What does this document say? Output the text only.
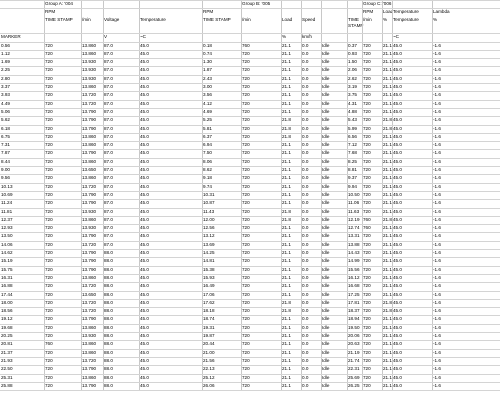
Group A: '004	Group B: '005	Group C: '006
RPM	RPM	RPM	Load Temperature	Lambda
TIME STAMP	/min	Voltage	Temperature	TIME STAMP	/min	Load	Speed	TIME STAMP
/min	%	Temperature	%
MARKER	V	~C	%	km/h	~C
0.56	720	13.860	87.0	45.0	0.18	760	21.1	0.0	Idle	0.37	720	21.1 45.0	-1.6
1.12	720	13.860	87.0	45.0	0.74	720	21.1	0.0	Idle	0.93	720	21.1 45.0	-1.6
1.69	720	13.930	87.0	45.0	1.30	720	21.1	0.0	Idle	1.50	720	21.1 45.0	-1.6
2.25	720	13.930	87.0	45.0	1.87	720	21.1	0.0	Idle	2.06	720	21.1 45.0	-1.6
2.80	720	13.930	87.0	45.0	2.43	720	21.1	0.0	Idle	2.62	720	21.1 45.0	-1.6
3.37	720	13.860	87.0	45.0	3.00	720	21.1	0.0	Idle	3.19	720	21.1 45.0	-1.6
3.93	720	13.720	87.0	45.0	3.56	720	21.1	0.0	Idle	3.75	720	21.1 45.0	-1.6
4.49	720	13.720	87.0	45.0	4.12	720	21.1	0.0	Idle	4.31	720	21.1 45.0	-1.6
5.06	720	13.790	87.0	45.0	4.69	720	21.1	0.0	Idle	4.88	720	21.1 45.0	-1.6
5.62	720	13.790	87.0	45.0	5.25	720	21.8	0.0	Idle	5.43	720	21.8 45.0	-1.6
6.18	720	13.790	87.0	45.0	5.81	720	21.8	0.0	Idle	5.99	720	21.8 45.0	-1.6
6.75	720	13.860	87.0	45.0	6.37	720	21.8	0.0	Idle	6.56	720	21.1 45.0	-1.6
7.31	720	13.860	87.0	45.0	6.94	720	21.1	0.0	Idle	7.12	720	21.1 45.0	-1.6
7.87	720	13.790	87.0	45.0	7.50	720	21.1	0.0	Idle	7.68	720	21.1 45.0	-1.6
8.44	720	13.860	87.0	45.0	8.06	720	21.1	0.0	Idle	8.25	720	21.1 45.0	-1.6
9.00	720	13.650	87.0	45.0	8.62	720	21.1	0.0	Idle	8.81	720	21.1 45.0	-1.6
9.56	720	13.860	87.0	45.0	9.18	720	21.1	0.0	Idle	9.37	720	21.1 45.0	-1.6
10.13	720	13.720	87.0	45.0	9.74	720	21.1	0.0	Idle	9.94	720	21.1 45.0	-1.6
10.69	720	13.790	87.0	45.0	10.31	720	21.1	0.0	Idle	10.50 720	21.1 45.0	-1.6
11.24	720	13.790	87.0	45.0	10.87	720	21.1	0.0	Idle	11.06 720	21.1 45.0	-1.6
11.81	720	13.930	87.0	45.0	11.43	720	21.8	0.0	Idle	11.63 720	21.1 45.0	-1.6
12.37	720	13.860	87.0	45.0	12.00	720	21.8	0.0	Idle	12.19 760	21.8 45.0	-1.6
12.93	720	13.930	87.0	45.0	12.56	720	21.1	0.0	Idle	12.74 760	21.1 45.0	-1.6
13.50	720	13.790	87.0	45.0	13.12	720	21.1	0.0	Idle	13.31 720	21.1 45.0	-1.6
14.06	720	13.720	87.0	45.0	13.69	720	21.1	0.0	Idle	13.88 720	21.1 45.0	-1.6
14.62	720	13.790	88.0	45.0	14.25	720	21.1	0.0	Idle	14.43 720	21.1 45.0	-1.6
15.19	720	13.790	88.0	45.0	14.81	720	21.1	0.0	Idle	14.99 720	21.1 45.0	-1.6
15.75	720	13.790	88.0	45.0	15.38	720	21.1	0.0	Idle	15.56 720	21.1 45.0	-1.6
16.31	720	13.860	88.0	45.0	15.93	720	21.1	0.0	Idle	16.12 720	21.1 45.0	-1.6
16.88	720	13.720	88.0	45.0	16.49	720	21.1	0.0	Idle	16.68 720	21.1 45.0	-1.6
17.44	720	13.650	88.0	45.0	17.06	720	21.1	0.0	Idle	17.25 720	21.1 45.0	-1.6
18.00	720	13.720	88.0	45.0	17.62	720	21.8	0.0	Idle	17.81 720	21.8 45.0	-1.6
18.56	720	13.720	88.0	45.0	18.18	720	21.8	0.0	Idle	18.37 720	21.8 45.0	-1.6
19.12	720	13.790	88.0	45.0	18.74	720	21.1	0.0	Idle	18.94 720	21.1 45.0	-1.6
19.68	720	13.860	88.0	45.0	19.31	720	21.1	0.0	Idle	19.50 720	21.1 45.0	-1.6
20.25	720	13.930	88.0	45.0	19.87	720	21.1	0.0	Idle	20.06 720	21.1 45.0	-1.6
20.81	760	13.860	88.0	45.0	20.44	720	21.1	0.0	Idle	20.63 720	21.1 45.0	-1.6
21.37	720	13.860	88.0	45.0	21.00	720	21.1	0.0	Idle	21.19 720	21.1 45.0	-1.6
21.93	720	13.720	88.0	45.0	21.56	720	21.1	0.0	Idle	21.74 720	21.1 45.0	-1.6
22.50	720	13.790	88.0	45.0	22.13	720	21.1	0.0	Idle	22.31 720	21.1 45.0	-1.6
25.31	720	13.860	88.0	45.0	25.12	720	21.1	0.0	Idle	25.69 720	21.1 45.0	-1.6
25.88	720	13.790	88.0	45.0	26.06	720	21.1	0.0	Idle	26.25 720	21.1 45.0	-1.6
